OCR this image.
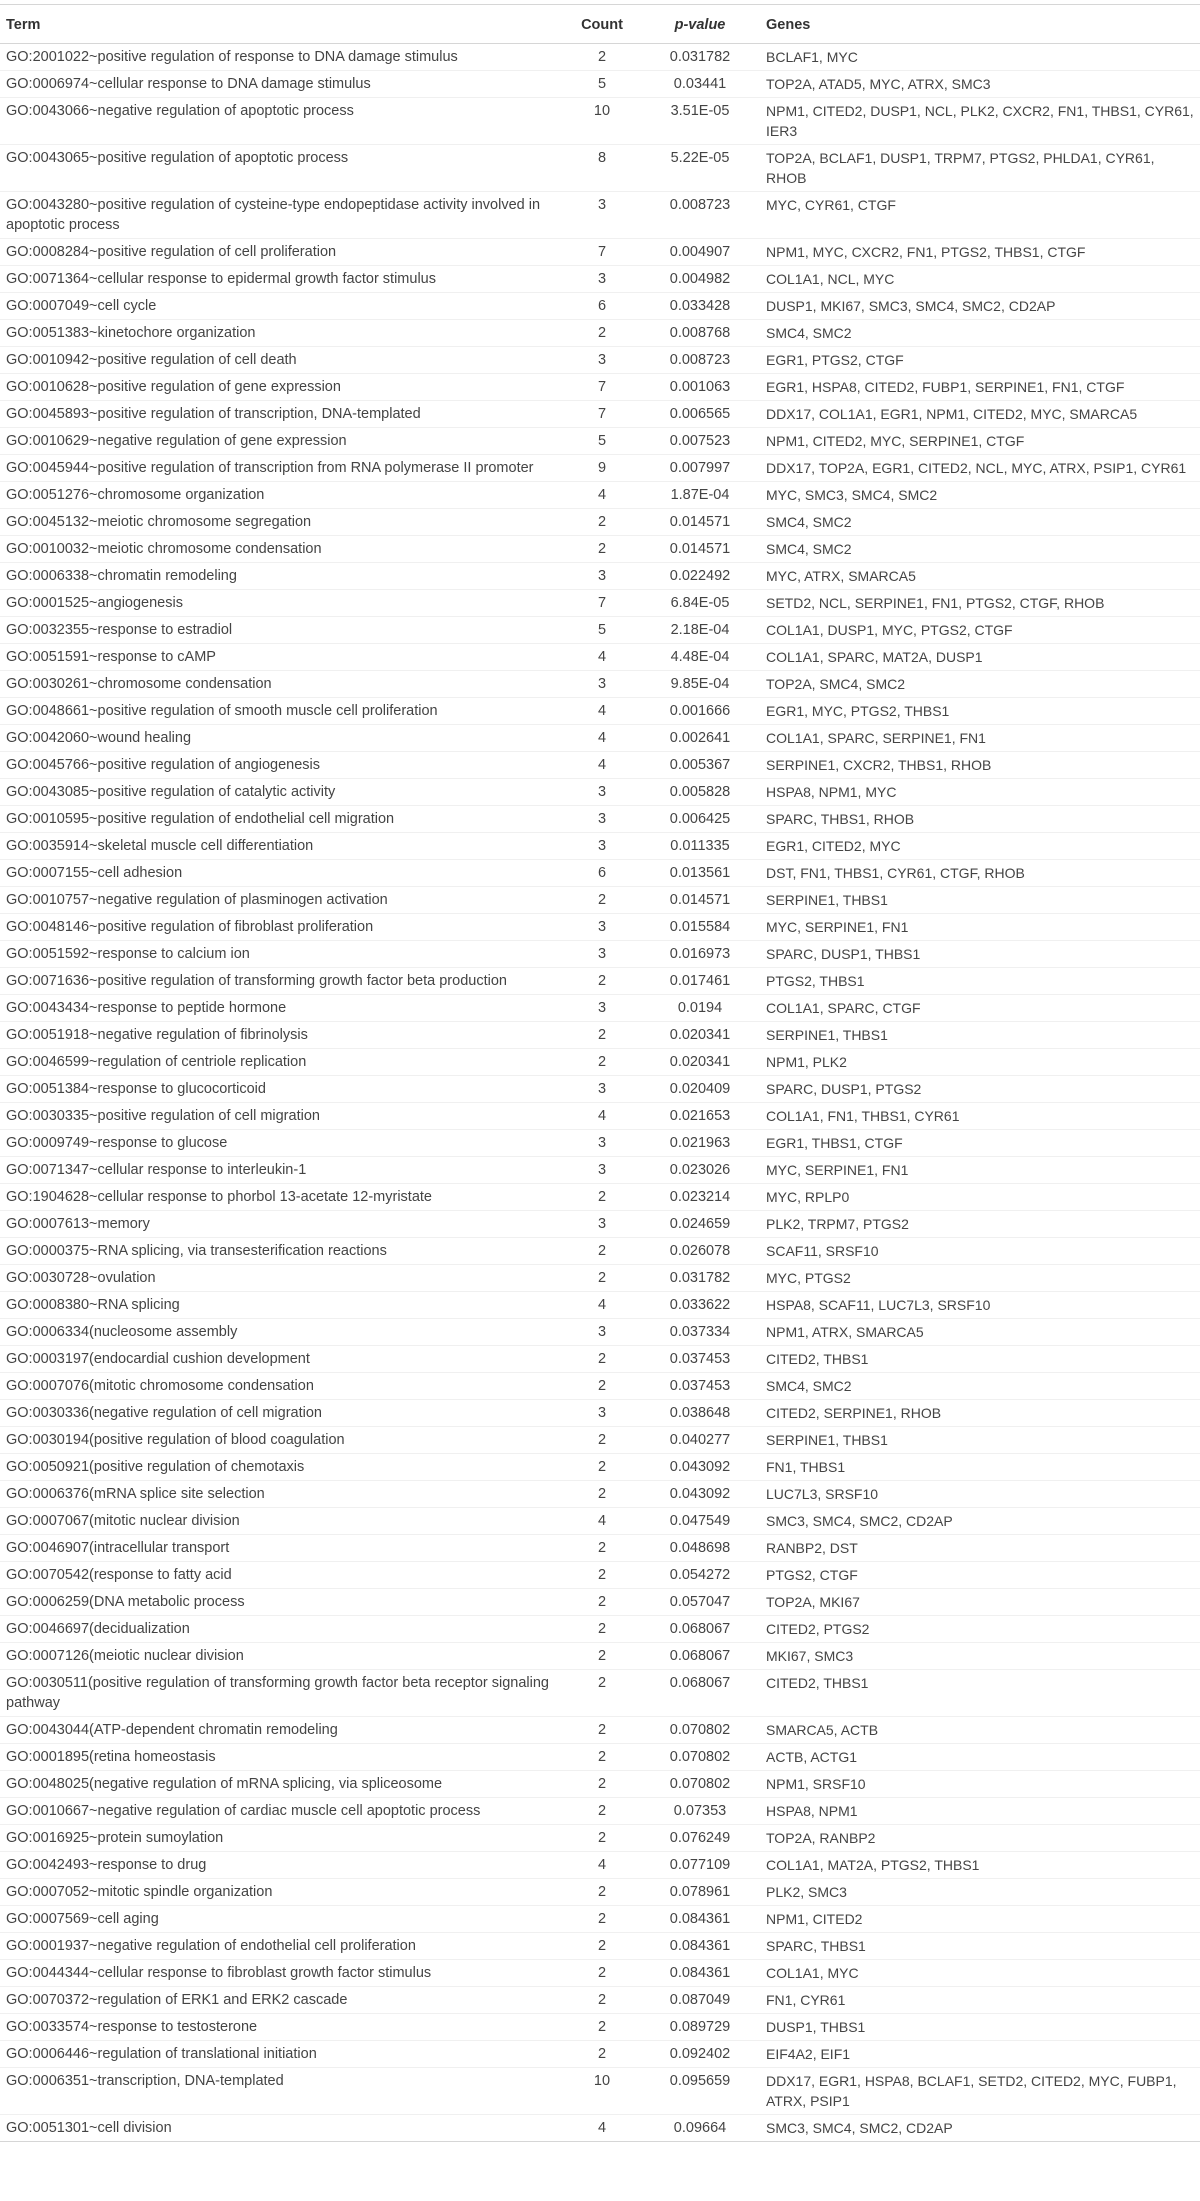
Term	Count	p-value	Genes
GO:2001022~positive regulation of response to DNA damage stimulus	2	0.031782	BCLAF1, MYC
GO:0006974~cellular response to DNA damage stimulus	5	0.03441	TOP2A, ATAD5, MYC, ATRX, SMC3
GO:0043066~negative regulation of apoptotic process	10	3.51E-05	NPM1, CITED2, DUSP1, NCL, PLK2, CXCR2, FN1, THBS1, CYR61, IER3
GO:0043065~positive regulation of apoptotic process	8	5.22E-05	TOP2A, BCLAF1, DUSP1, TRPM7, PTGS2, PHLDA1, CYR61, RHOB
GO:0043280~positive regulation of cysteine-type endopeptidase activity involved in apoptotic process	3	0.008723	MYC, CYR61, CTGF
GO:0008284~positive regulation of cell proliferation	7	0.004907	NPM1, MYC, CXCR2, FN1, PTGS2, THBS1, CTGF
GO:0071364~cellular response to epidermal growth factor stimulus	3	0.004982	COL1A1, NCL, MYC
GO:0007049~cell cycle	6	0.033428	DUSP1, MKI67, SMC3, SMC4, SMC2, CD2AP
GO:0051383~kinetochore organization	2	0.008768	SMC4, SMC2
GO:0010942~positive regulation of cell death	3	0.008723	EGR1, PTGS2, CTGF
GO:0010628~positive regulation of gene expression	7	0.001063	EGR1, HSPA8, CITED2, FUBP1, SERPINE1, FN1, CTGF
GO:0045893~positive regulation of transcription, DNA-templated	7	0.006565	DDX17, COL1A1, EGR1, NPM1, CITED2, MYC, SMARCA5
GO:0010629~negative regulation of gene expression	5	0.007523	NPM1, CITED2, MYC, SERPINE1, CTGF
GO:0045944~positive regulation of transcription from RNA polymerase II promoter	9	0.007997	DDX17, TOP2A, EGR1, CITED2, NCL, MYC, ATRX, PSIP1, CYR61
GO:0051276~chromosome organization	4	1.87E-04	MYC, SMC3, SMC4, SMC2
GO:0045132~meiotic chromosome segregation	2	0.014571	SMC4, SMC2
GO:0010032~meiotic chromosome condensation	2	0.014571	SMC4, SMC2
GO:0006338~chromatin remodeling	3	0.022492	MYC, ATRX, SMARCA5
GO:0001525~angiogenesis	7	6.84E-05	SETD2, NCL, SERPINE1, FN1, PTGS2, CTGF, RHOB
GO:0032355~response to estradiol	5	2.18E-04	COL1A1, DUSP1, MYC, PTGS2, CTGF
GO:0051591~response to cAMP	4	4.48E-04	COL1A1, SPARC, MAT2A, DUSP1
GO:0030261~chromosome condensation	3	9.85E-04	TOP2A, SMC4, SMC2
GO:0048661~positive regulation of smooth muscle cell proliferation	4	0.001666	EGR1, MYC, PTGS2, THBS1
GO:0042060~wound healing	4	0.002641	COL1A1, SPARC, SERPINE1, FN1
GO:0045766~positive regulation of angiogenesis	4	0.005367	SERPINE1, CXCR2, THBS1, RHOB
GO:0043085~positive regulation of catalytic activity	3	0.005828	HSPA8, NPM1, MYC
GO:0010595~positive regulation of endothelial cell migration	3	0.006425	SPARC, THBS1, RHOB
GO:0035914~skeletal muscle cell differentiation	3	0.011335	EGR1, CITED2, MYC
GO:0007155~cell adhesion	6	0.013561	DST, FN1, THBS1, CYR61, CTGF, RHOB
GO:0010757~negative regulation of plasminogen activation	2	0.014571	SERPINE1, THBS1
GO:0048146~positive regulation of fibroblast proliferation	3	0.015584	MYC, SERPINE1, FN1
GO:0051592~response to calcium ion	3	0.016973	SPARC, DUSP1, THBS1
GO:0071636~positive regulation of transforming growth factor beta production	2	0.017461	PTGS2, THBS1
GO:0043434~response to peptide hormone	3	0.0194	COL1A1, SPARC, CTGF
GO:0051918~negative regulation of fibrinolysis	2	0.020341	SERPINE1, THBS1
GO:0046599~regulation of centriole replication	2	0.020341	NPM1, PLK2
GO:0051384~response to glucocorticoid	3	0.020409	SPARC, DUSP1, PTGS2
GO:0030335~positive regulation of cell migration	4	0.021653	COL1A1, FN1, THBS1, CYR61
GO:0009749~response to glucose	3	0.021963	EGR1, THBS1, CTGF
GO:0071347~cellular response to interleukin-1	3	0.023026	MYC, SERPINE1, FN1
GO:1904628~cellular response to phorbol 13-acetate 12-myristate	2	0.023214	MYC, RPLP0
GO:0007613~memory	3	0.024659	PLK2, TRPM7, PTGS2
GO:0000375~RNA splicing, via transesterification reactions	2	0.026078	SCAF11, SRSF10
GO:0030728~ovulation	2	0.031782	MYC, PTGS2
GO:0008380~RNA splicing	4	0.033622	HSPA8, SCAF11, LUC7L3, SRSF10
GO:0006334(nucleosome assembly	3	0.037334	NPM1, ATRX, SMARCA5
GO:0003197(endocardial cushion development	2	0.037453	CITED2, THBS1
GO:0007076(mitotic chromosome condensation	2	0.037453	SMC4, SMC2
GO:0030336(negative regulation of cell migration	3	0.038648	CITED2, SERPINE1, RHOB
GO:0030194(positive regulation of blood coagulation	2	0.040277	SERPINE1, THBS1
GO:0050921(positive regulation of chemotaxis	2	0.043092	FN1, THBS1
GO:0006376(mRNA splice site selection	2	0.043092	LUC7L3, SRSF10
GO:0007067(mitotic nuclear division	4	0.047549	SMC3, SMC4, SMC2, CD2AP
GO:0046907(intracellular transport	2	0.048698	RANBP2, DST
GO:0070542(response to fatty acid	2	0.054272	PTGS2, CTGF
GO:0006259(DNA metabolic process	2	0.057047	TOP2A, MKI67
GO:0046697(decidualization	2	0.068067	CITED2, PTGS2
GO:0007126(meiotic nuclear division	2	0.068067	MKI67, SMC3
GO:0030511(positive regulation of transforming growth factor beta receptor signaling pathway	2	0.068067	CITED2, THBS1
GO:0043044(ATP-dependent chromatin remodeling	2	0.070802	SMARCA5, ACTB
GO:0001895(retina homeostasis	2	0.070802	ACTB, ACTG1
GO:0048025(negative regulation of mRNA splicing, via spliceosome	2	0.070802	NPM1, SRSF10
GO:0010667~negative regulation of cardiac muscle cell apoptotic process	2	0.07353	HSPA8, NPM1
GO:0016925~protein sumoylation	2	0.076249	TOP2A, RANBP2
GO:0042493~response to drug	4	0.077109	COL1A1, MAT2A, PTGS2, THBS1
GO:0007052~mitotic spindle organization	2	0.078961	PLK2, SMC3
GO:0007569~cell aging	2	0.084361	NPM1, CITED2
GO:0001937~negative regulation of endothelial cell proliferation	2	0.084361	SPARC, THBS1
GO:0044344~cellular response to fibroblast growth factor stimulus	2	0.084361	COL1A1, MYC
GO:0070372~regulation of ERK1 and ERK2 cascade	2	0.087049	FN1, CYR61
GO:0033574~response to testosterone	2	0.089729	DUSP1, THBS1
GO:0006446~regulation of translational initiation	2	0.092402	EIF4A2, EIF1
GO:0006351~transcription, DNA-templated	10	0.095659	DDX17, EGR1, HSPA8, BCLAF1, SETD2, CITED2, MYC, FUBP1, ATRX, PSIP1
GO:0051301~cell division	4	0.09664	SMC3, SMC4, SMC2, CD2AP
